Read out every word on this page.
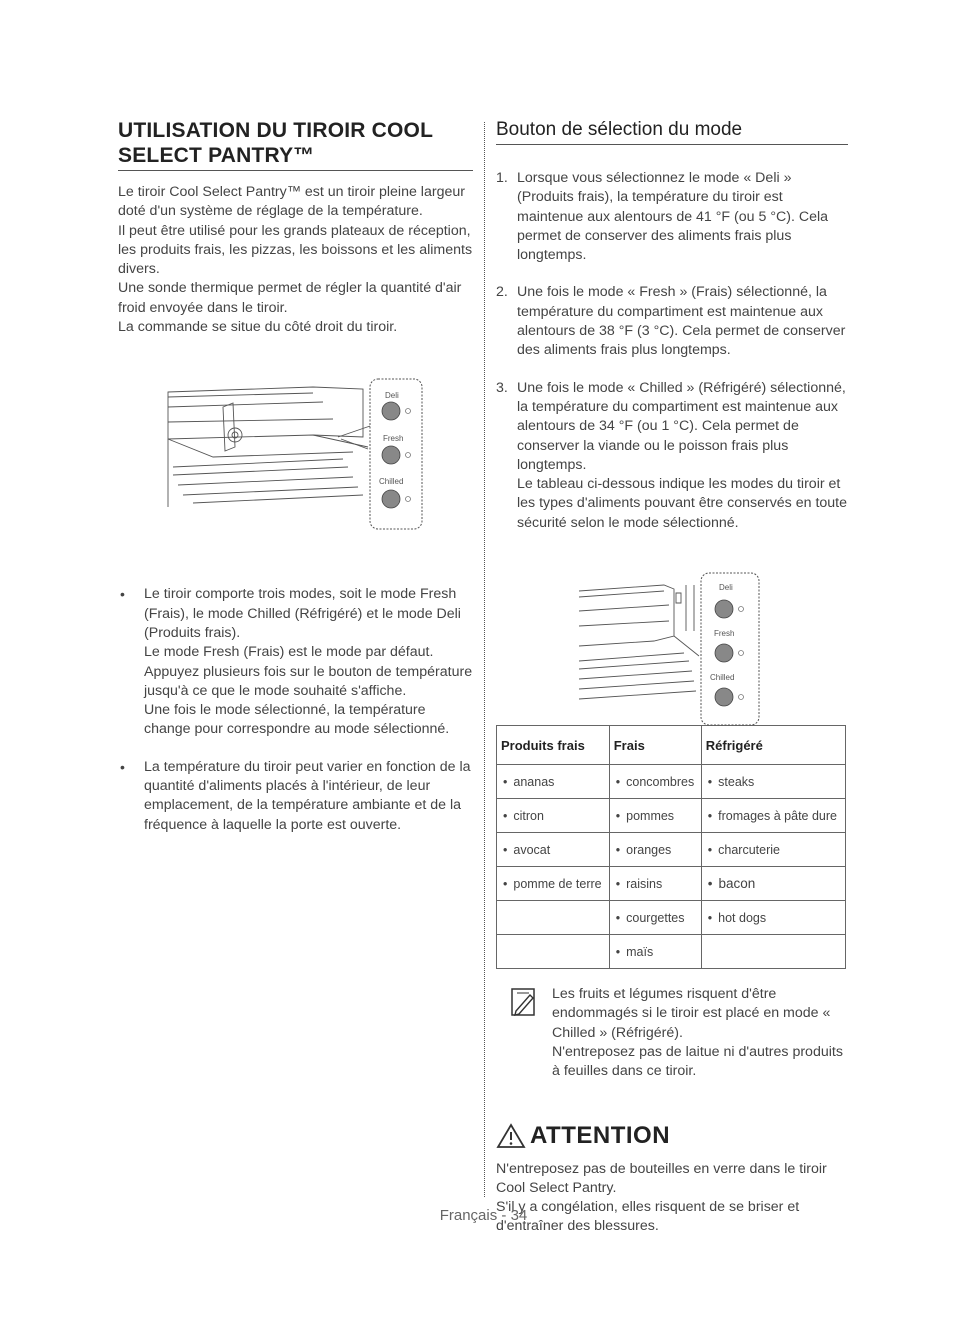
UTILISATION DU TIROIR COOL SELECT PANTRY™

Le tiroir Cool Select Pantry™ est un tiroir pleine largeur doté d'un système de réglage de la température.

Il peut être utilisé pour les grands plateaux de réception, les produits frais, les pizzas, les boissons et les aliments divers.

Une sonde thermique permet de régler la quantité d'air froid envoyée dans le tiroir.

La commande se situe du côté droit du tiroir.

Deli
Fresh
Chilled

• Le tiroir comporte trois modes, soit le mode Fresh (Frais), le mode Chilled (Réfrigéré) et le mode Deli (Produits frais).
Le mode Fresh (Frais) est le mode par défaut. Appuyez plusieurs fois sur le bouton de température jusqu'à ce que le mode souhaité s'affiche.
Une fois le mode sélectionné, la température change pour correspondre au mode sélectionné.

• La température du tiroir peut varier en fonction de la quantité d'aliments placés à l'intérieur, de leur emplacement, de la température ambiante et de la fréquence à laquelle la porte est ouverte.

Bouton de sélection du mode

1. Lorsque vous sélectionnez le mode « Deli » (Produits frais), la température du tiroir est maintenue aux alentours de 41 °F (ou 5 °C). Cela permet de conserver des aliments frais plus longtemps.

2. Une fois le mode « Fresh » (Frais) sélectionné, la température du compartiment est maintenue aux alentours de 38 °F (3 °C). Cela permet de conserver des aliments frais plus longtemps.

3. Une fois le mode « Chilled » (Réfrigéré) sélectionné, la température du compartiment est maintenue aux alentours de 34 °F (ou 1 °C). Cela permet de conserver la viande ou le poisson frais plus longtemps.
Le tableau ci-dessous indique les modes du tiroir et les types d'aliments pouvant être conservés en toute sécurité selon le mode sélectionné.

Deli
Fresh
Chilled
Produits frais	Frais	Réfrigéré
• ananas	• concombres	• steaks
• citron	• pommes	• fromages à pâte dure
• avocat	• oranges	• charcuterie
• pomme de terre	• raisins	• bacon
	• courgettes	• hot dogs
	• maïs	

Les fruits et légumes risquent d'être endommagés si le tiroir est placé en mode « Chilled » (Réfrigéré).
N'entreposez pas de laitue ni d'autres produits à feuilles dans ce tiroir.

ATTENTION

N'entreposez pas de bouteilles en verre dans le tiroir Cool Select Pantry.
S'il y a congélation, elles risquent de se briser et d'entraîner des blessures.

Français - 34
